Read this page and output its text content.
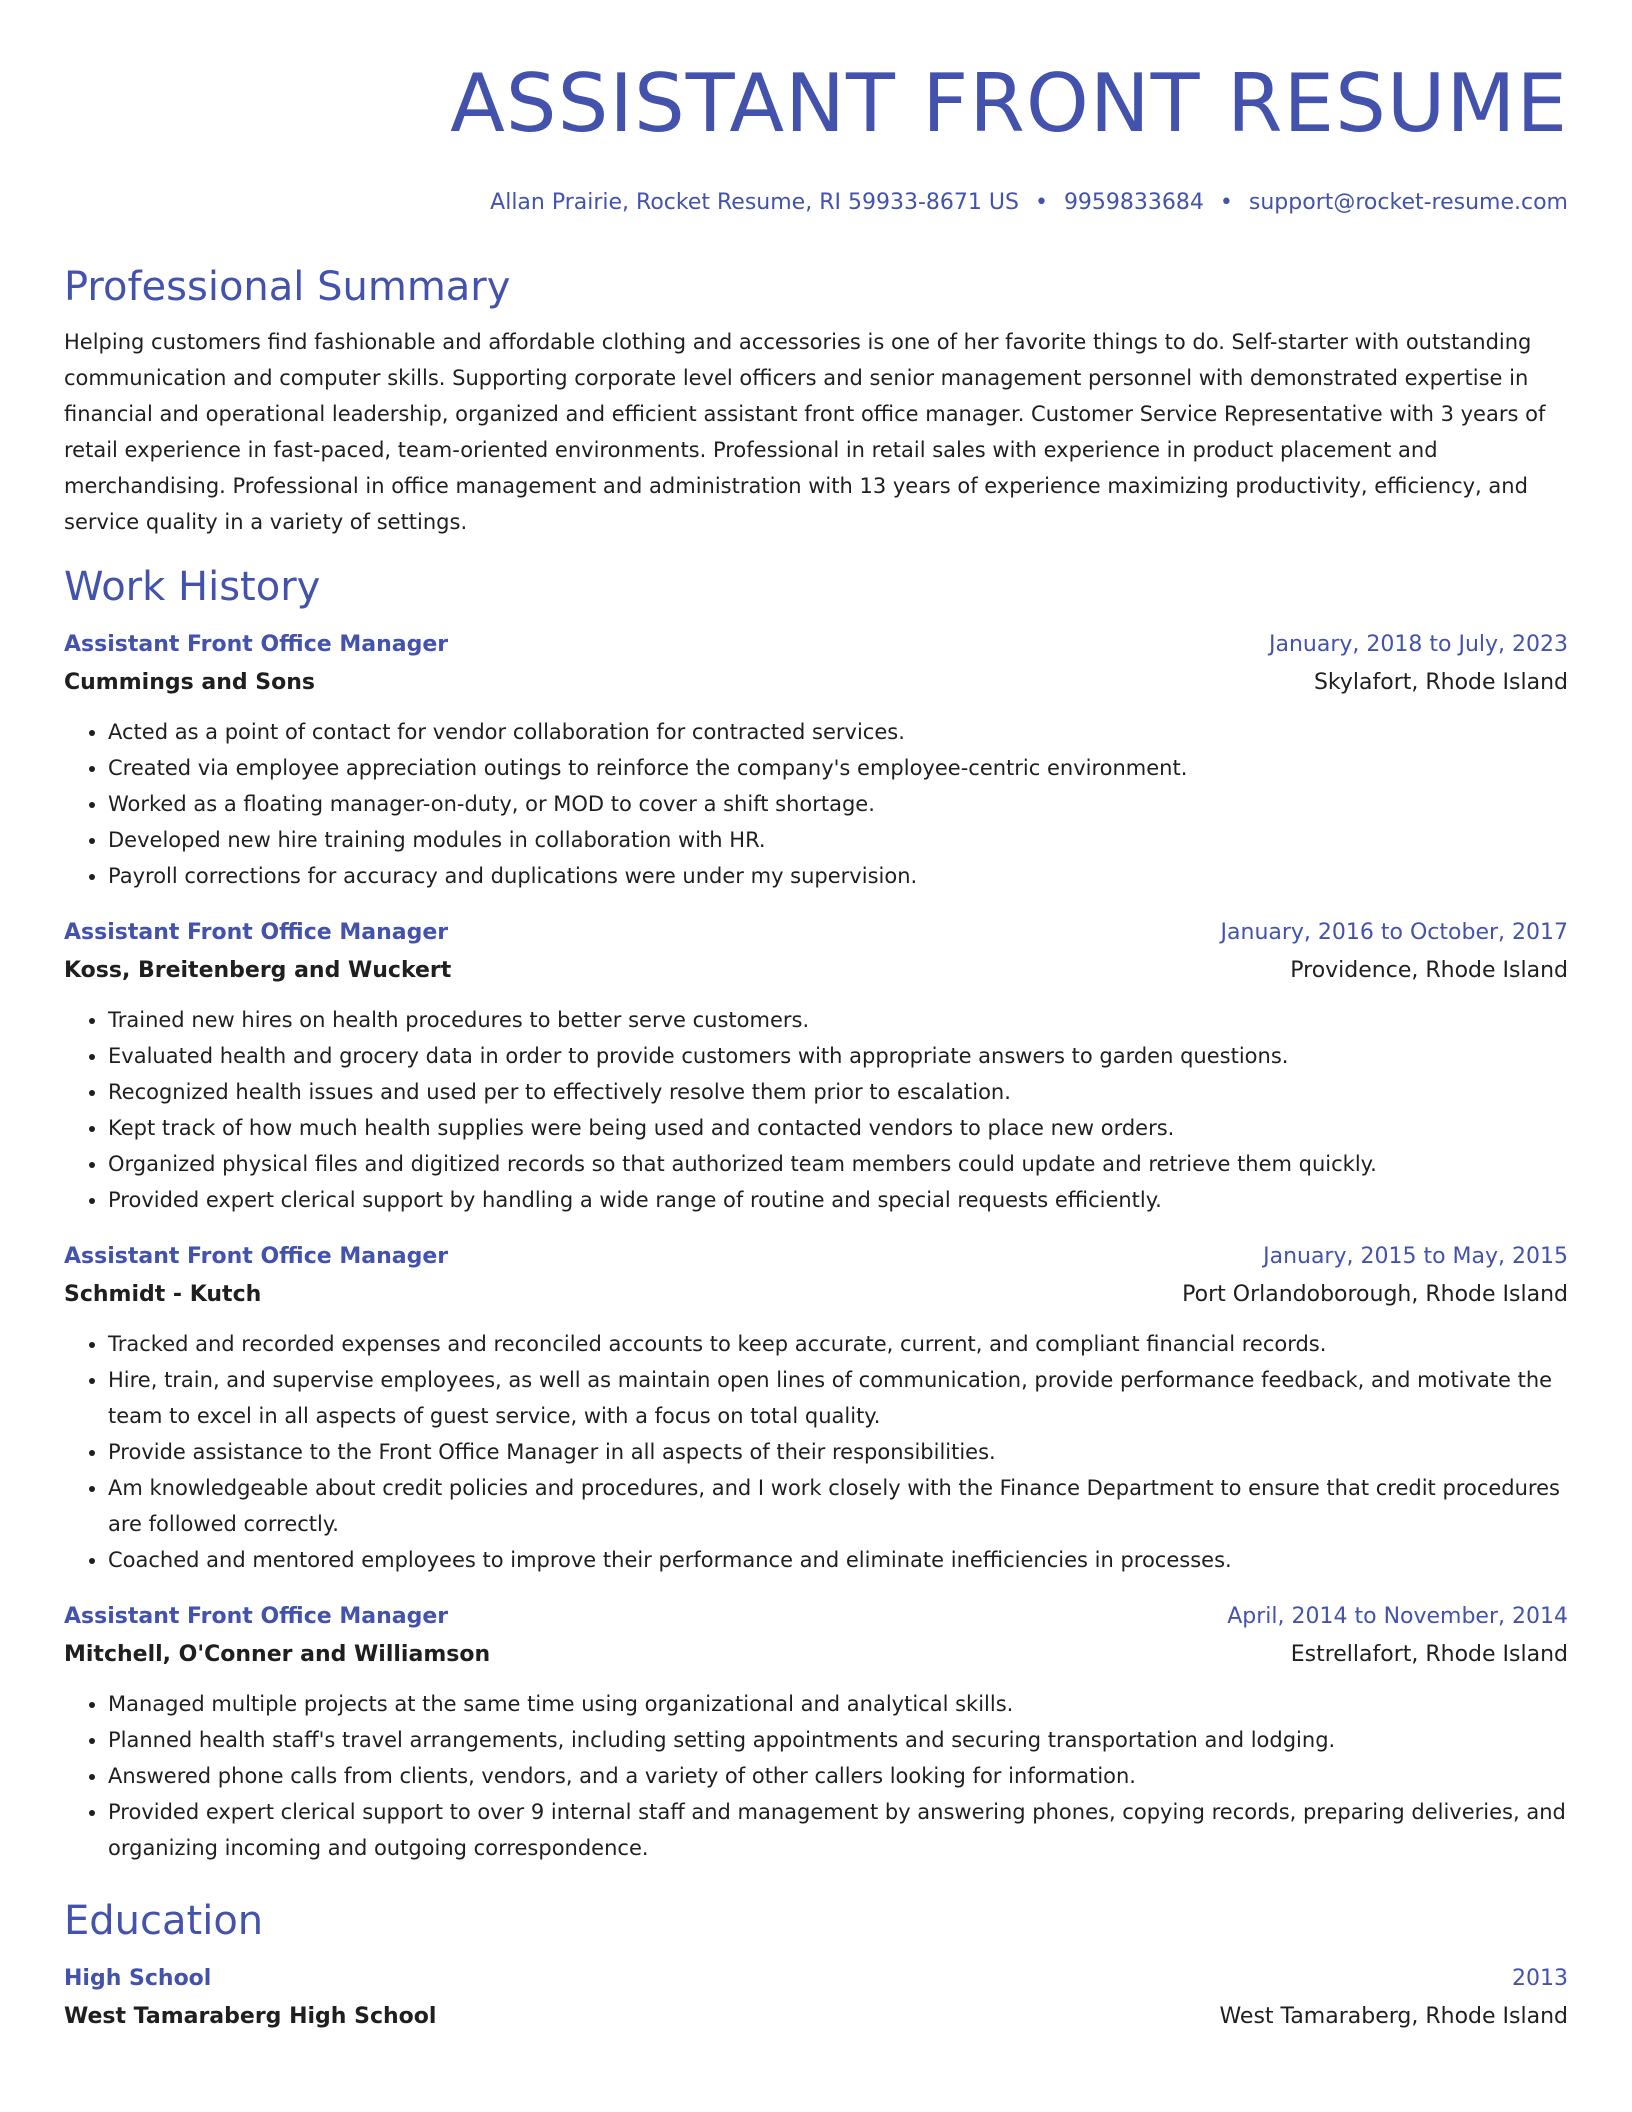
ASSISTANT FRONT RESUME
Allan Prairie, Rocket Resume, RI 59933-8671 US • 9959833684 • support@rocket-resume.com
Professional Summary
Helping customers find fashionable and affordable clothing and accessories is one of her favorite things to do. Self-starter with outstanding communication and computer skills. Supporting corporate level officers and senior management personnel with demonstrated expertise in financial and operational leadership, organized and efficient assistant front office manager. Customer Service Representative with 3 years of retail experience in fast-paced, team-oriented environments. Professional in retail sales with experience in product placement and merchandising. Professional in office management and administration with 13 years of experience maximizing productivity, efficiency, and service quality in a variety of settings.
Work History
Assistant Front Office Manager	January, 2018 to July, 2023
Cummings and Sons	Skylafort, Rhode Island
• Acted as a point of contact for vendor collaboration for contracted services.
• Created via employee appreciation outings to reinforce the company's employee-centric environment.
• Worked as a floating manager-on-duty, or MOD to cover a shift shortage.
• Developed new hire training modules in collaboration with HR.
• Payroll corrections for accuracy and duplications were under my supervision.
Assistant Front Office Manager	January, 2016 to October, 2017
Koss, Breitenberg and Wuckert	Providence, Rhode Island
• Trained new hires on health procedures to better serve customers.
• Evaluated health and grocery data in order to provide customers with appropriate answers to garden questions.
• Recognized health issues and used per to effectively resolve them prior to escalation.
• Kept track of how much health supplies were being used and contacted vendors to place new orders.
• Organized physical files and digitized records so that authorized team members could update and retrieve them quickly.
• Provided expert clerical support by handling a wide range of routine and special requests efficiently.
Assistant Front Office Manager	January, 2015 to May, 2015
Schmidt - Kutch	Port Orlandoborough, Rhode Island
• Tracked and recorded expenses and reconciled accounts to keep accurate, current, and compliant financial records.
• Hire, train, and supervise employees, as well as maintain open lines of communication, provide performance feedback, and motivate the team to excel in all aspects of guest service, with a focus on total quality.
• Provide assistance to the Front Office Manager in all aspects of their responsibilities.
• Am knowledgeable about credit policies and procedures, and I work closely with the Finance Department to ensure that credit procedures are followed correctly.
• Coached and mentored employees to improve their performance and eliminate inefficiencies in processes.
Assistant Front Office Manager	April, 2014 to November, 2014
Mitchell, O'Conner and Williamson	Estrellafort, Rhode Island
• Managed multiple projects at the same time using organizational and analytical skills.
• Planned health staff's travel arrangements, including setting appointments and securing transportation and lodging.
• Answered phone calls from clients, vendors, and a variety of other callers looking for information.
• Provided expert clerical support to over 9 internal staff and management by answering phones, copying records, preparing deliveries, and organizing incoming and outgoing correspondence.
Education
High School	2013
West Tamaraberg High School	West Tamaraberg, Rhode Island
